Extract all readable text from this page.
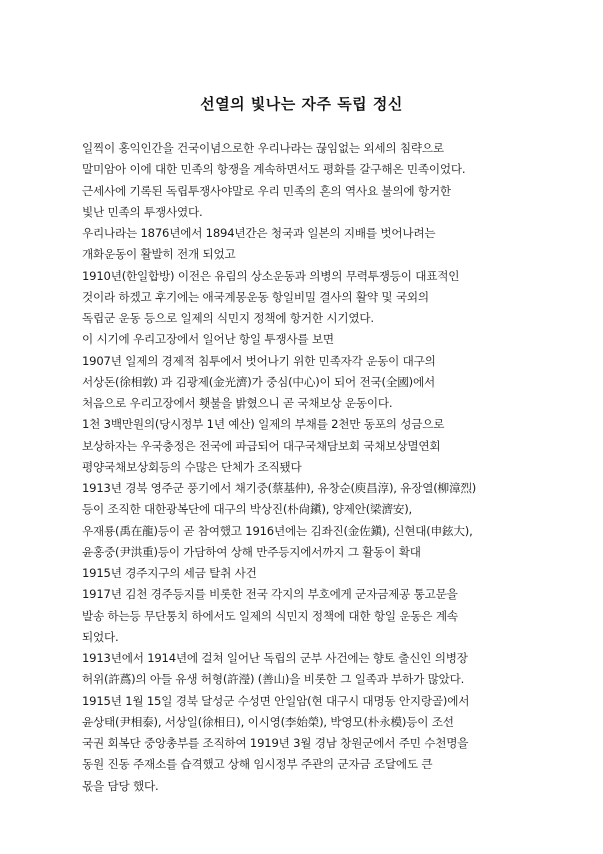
선열의 빛나는 자주 독립 정신
일찍이 홍익인간을 건국이념으로한 우리나라는 끊임없는 외세의 침략으로
말미암아 이에 대한 민족의 항쟁을 계속하면서도 평화를 갈구해온 민족이었다.
근세사에 기록된 독립투쟁사야말로 우리 민족의 혼의 역사요 불의에 항거한
빛난 민족의 투쟁사였다.
우리나라는 1876년에서 1894년간은 청국과 일본의 지배를 벗어나려는
개화운동이 활발히 전개 되었고
1910년(한일합방) 이전은 유림의 상소운동과 의병의 무력투쟁등이 대표적인
것이라 하겠고 후기에는 애국계몽운동 항일비밀 결사의 활약 및 국외의
독립군 운동 등으로 일제의 식민지 정책에 항거한 시기였다.
이 시기에 우리고장에서 일어난 항일 투쟁사를 보면
1907년 일제의 경제적 침투에서 벗어나기 위한 민족자각 운동이 대구의
서상돈(徐相敦) 과 김광제(金光濟)가 중심(中心)이 되어 전국(全國)에서
처음으로 우리고장에서 횃불을 밝혔으니 곧 국채보상 운동이다.
1천 3백만원의(당시정부 1년 예산) 일제의 부채를 2천만 동포의 성금으로
보상하자는 우국충정은 전국에 파급되어 대구국채담보회 국채보상멸연회
평양국채보상회등의 수많은 단체가 조직됐다
1913년 경북 영주군 풍기에서 채기중(蔡基仲), 유창순(庾昌淳), 유장열(柳漳烈)
등이 조직한 대한광복단에 대구의 박상진(朴尙鎭), 양제안(梁濟安),
우재룡(禹在龍)등이 곧 참여했고 1916년에는 김좌진(金佐鎭), 신현대(申鉉大),
윤홍중(尹洪重)등이 가담하여 상해 만주등지에서까지 그 활동이 확대
1915년 경주지구의 세금 탈취 사건
1917년 김천 경주등지를 비롯한 전국 각지의 부호에게 군자금제공 통고문을
발송 하는등 무단통치 하에서도 일제의 식민지 정책에 대한 항일 운동은 계속
되었다.
1913년에서 1914년에 걸쳐 일어난 독립의 군부 사건에는 향토 출신인 의병장
허위(許蔿)의 아들 유생 허형(許瀅) (善山)을 비롯한 그 일족과 부하가 많았다.
1915년 1월 15일 경북 달성군 수성면 안일암(현 대구시 대명동 안지랑골)에서
윤상태(尹相泰), 서상일(徐相日), 이시영(李始榮), 박영모(朴永模)등이 조선
국권 회복단 중앙총부를 조직하여 1919년 3월 경남 창원군에서 주민 수천명을
동원 진동 주재소를 습격했고 상해 임시정부 주관의 군자금 조달에도 큰
몫을 담당 했다.
